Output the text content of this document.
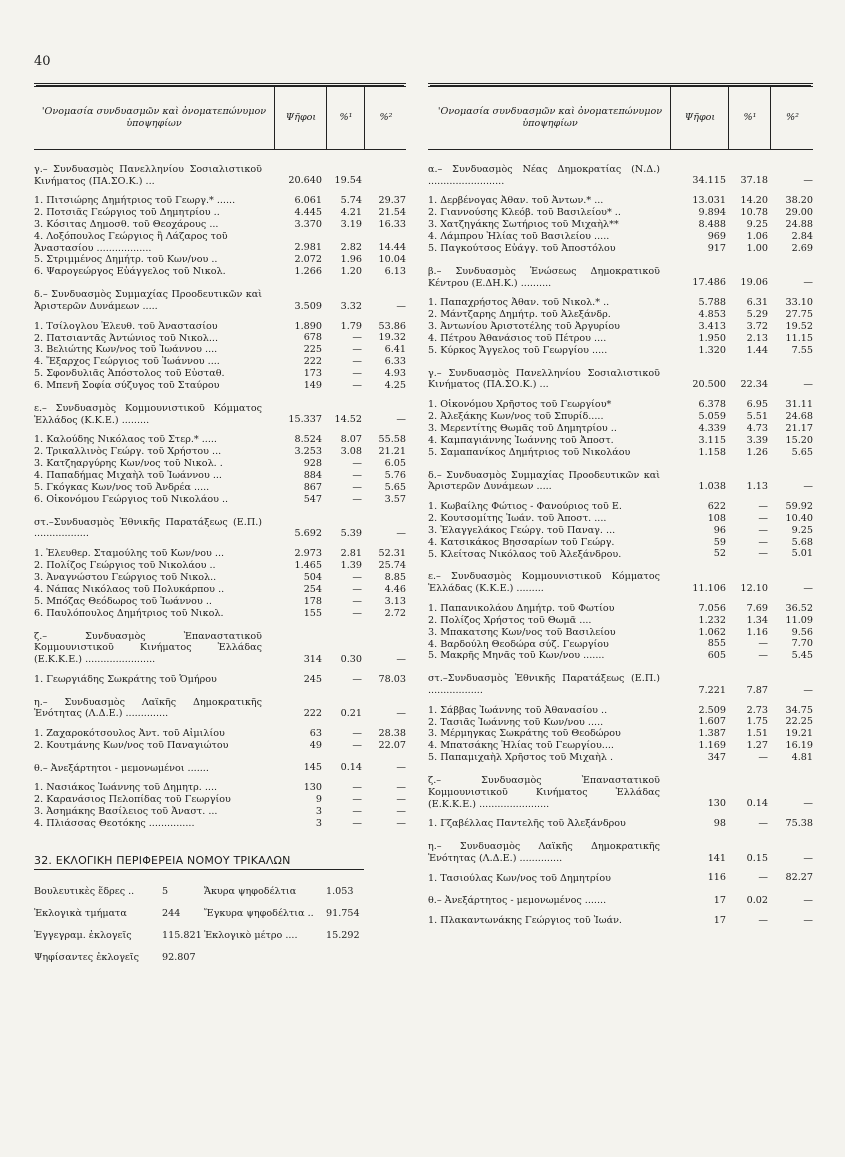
40
'Ονομασία συνδυασμῶν καὶ ὀνοματεπώνυμον ὑποψηφίων
Ψῆφοι	%¹	%²
γ.– Συνδυασμὸς Πανελληνίου Σοσιαλιστικοῦ Κινήματος (ΠΑ.ΣΟ.Κ.) ...	20.640	19.54
1. Πιτσιώρης Δημήτριος τοῦ Γεωργ.* ......	6.061	5.74	29.37
2. Ποτσιᾶς Γεώργιος τοῦ Δημητρίου ..	4.445	4.21	21.54
3. Κόσιτας Δημοσθ. τοῦ Θεοχάρους ...	3.370	3.19	16.33
4. Λοξόπουλος Γεώργιος ἢ Λάζαρος τοῦ Ἀναστασίου ..................	2.981	2.82	14.44
5. Στριμμένος Δημήτρ. τοῦ Κων/νου ..	2.072	1.96	10.04
6. Ψαρογεώργος Εὐάγγελος τοῦ Νικολ.	1.266	1.20	6.13
δ.– Συνδυασμὸς Συμμαχίας Προοδευτικῶν καὶ Ἀριστερῶν Δυνάμεων .....	3.509	3.32	—
1. Τσίλογλου Ἐλευθ. τοῦ Ἀναστασίου	1.890	1.79	53.86
2. Πατσιαντᾶς Ἀντώνιος τοῦ Νικολ...	678	—	19.32
3. Βελιώτης Κων/νος τοῦ Ἰωάννου ....	225	—	6.41
4. Ἔξαρχος Γεώργιος τοῦ Ἰωάννου ....	222	—	6.33
5. Σφονδυλιᾶς Ἀπόστολος τοῦ Εὐσταθ.	173	—	4.93
6. Μπενῆ Σοφία σύζυγος τοῦ Σταύρου	149	—	4.25
ε.– Συνδυασμὸς Κομμουνιστικοῦ Κόμματος Ἑλλάδος (Κ.Κ.Ε.) .........	15.337	14.52	—
1. Καλούδης Νικόλαος τοῦ Στερ.* .....	8.524	8.07	55.58
2. Τρικαλλινὸς Γεώργ. τοῦ Χρήστου ...	3.253	3.08	21.21
3. Κατζηαργύρης Κων/νος τοῦ Νικολ. .	928	—	6.05
4. Παπαδήμας Μιχαὴλ τοῦ Ἰωάννου ...	884	—	5.76
5. Γκόγκας Κων/νος τοῦ Ἀνδρέα .....	867	—	5.65
6. Οἰκονόμου Γεώργιος τοῦ Νικολάου ..	547	—	3.57
στ.–Συνδυασμὸς Ἐθνικῆς Παρατάξεως (Ε.Π.) ..................	5.692	5.39	—
1. Ἐλευθερ. Σταμούλης τοῦ Κων/νου ...	2.973	2.81	52.31
2. Πολίζος Γεώργιος τοῦ Νικολάου ..	1.465	1.39	25.74
3. Ἀναγνώστου Γεώργιος τοῦ Νικολ..	504	—	8.85
4. Νάπας Νικόλαος τοῦ Πολυκάρπου ..	254	—	4.46
5. Μπόζας Θεόδωρος τοῦ Ἰωάννου ..	178	—	3.13
6. Παυλόπουλος Δημήτριος τοῦ Νικολ.	155	—	2.72
ζ.– Συνδυασμὸς Ἐπαναστατικοῦ Κομμουνιστικοῦ Κινήματος Ἑλλάδας (Ε.Κ.Κ.Ε.) .......................	314	0.30	—
1. Γεωργιάδης Σωκράτης τοῦ Ὁμήρου	245	—	78.03
η.– Συνδυασμὸς Λαϊκῆς Δημοκρατικῆς Ἑνότητας (Λ.Δ.Ε.) ..............	222	0.21	—
1. Ζαχαροκότσουλος Ἀντ. τοῦ Αἰμιλίου	63	—	28.38
2. Κουτμάνης Κων/νος τοῦ Παναγιώτου	49	—	22.07
θ.– Ἀνεξάρτητοι - μεμονωμένοι .......	145	0.14	—
1. Νασιάκος Ἰωάννης τοῦ Δημητρ. ....	130	—	—
2. Καρανάσιος Πελοπίδας τοῦ Γεωργίου	9	—	—
3. Ἀσημάκης Βασίλειος τοῦ Ἀναστ. ...	3	—	—
4. Πλιάσσας Θεοτόκης ...............	3	—	—
32. ΕΚΛΟΓΙΚΗ ΠΕΡΙΦΕΡΕΙΑ ΝΟΜΟΥ ΤΡΙΚΑΛΩΝ
Βουλευτικὲς ἕδρες ..	5	Ἄκυρα ψηφοδέλτια	1.053
Ἐκλογικὰ τμήματα	244 Ἔγκυρα ψηφοδέλτια .. 91.754
Ἐγγεγραμ. ἐκλογεῖς	115.821 Ἐκλογικὸ μέτρο ....	15.292
Ψηφίσαντες ἐκλογεῖς 92.807
'Ονομασία συνδυασμῶν καὶ ὀνοματεπώνυμον ὑποψηφίων
Ψῆφοι	%¹	%²
α.– Συνδυασμὸς Νέας Δημοκρατίας (Ν.Δ.) .........................	34.115	37.18	—
1. Δερβένογας Ἀθαν. τοῦ Ἀντων.* ...	13.031	14.20	38.20
2. Γιαννούσης Κλεόβ. τοῦ Βασιλείου* ..	9.894	10.78	29.00
3. Χατζηγάκης Σωτήριος τοῦ Μιχαὴλ**	8.488	9.25	24.88
4. Λάμπρου Ἠλίας τοῦ Βασιλείου .....	969	1.06	2.84
5. Παγκούτσος Εὐάγγ. τοῦ Ἀποστόλου	917	1.00	2.69
β.– Συνδυασμὸς Ἑνώσεως Δημοκρατικοῦ Κέντρου (Ε.ΔΗ.Κ.) ..........	17.486	19.06	—
1. Παπαχρήστος Ἀθαν. τοῦ Νικολ.* ..	5.788	6.31	33.10
2. Μάντζαρης Δημήτρ. τοῦ Ἀλεξάνδρ.	4.853	5.29	27.75
3. Ἀντωνίου Ἀριστοτέλης τοῦ Ἀργυρίου	3.413	3.72	19.52
4. Πέτρου Ἀθανάσιος τοῦ Πέτρου ....	1.950	2.13	11.15
5. Κύρκος Ἄγγελος τοῦ Γεωργίου .....	1.320	1.44	7.55
γ.– Συνδυασμὸς Πανελληνίου Σοσιαλιστικοῦ Κινήματος (ΠΑ.ΣΟ.Κ.) ...	20.500	22.34	—
1. Οἰκονόμου Χρῆστος τοῦ Γεωργίου*	6.378	6.95	31.11
2. Ἀλεξάκης Κων/νος τοῦ Σπυρίδ.....	5.059	5.51	24.68
3. Μερεντίτης Θωμᾶς τοῦ Δημητρίου ..	4.339	4.73	21.17
4. Καμπαγιάννης Ἰωάννης τοῦ Ἀποστ.	3.115	3.39	15.20
5. Σαμαπανίκος Δημήτριος τοῦ Νικολάου	1.158	1.26	5.65
δ.– Συνδυασμὸς Συμμαχίας Προοδευτικῶν καὶ Ἀριστερῶν Δυνάμεων .....	1.038	1.13	—
1. Κωβαίλης Φώτιος - Φανούριος τοῦ Ε.	622	—	59.92
2. Κουτσομίτης Ἰωάν. τοῦ Ἀποστ. ....	108	—	10.40
3. Ἐλαγγελάκος Γεώργ. τοῦ Παναγ. ...	96	—	9.25
4. Κατσικάκος Βησσαρίων τοῦ Γεώργ.	59	—	5.68
5. Κλείτσας Νικόλαος τοῦ Ἀλεξάνδρου.	52	—	5.01
ε.– Συνδυασμὸς Κομμουνιστικοῦ Κόμματος Ἑλλάδας (Κ.Κ.Ε.) .........	11.106	12.10	—
1. Παπανικολάου Δημήτρ. τοῦ Φωτίου	7.056	7.69	36.52
2. Πολίζος Χρήστος τοῦ Θωμᾶ ....	1.232	1.34	11.09
3. Μπακατσης Κων/νος τοῦ Βασιλείου	1.062	1.16	9.56
4. Βαρδούλη Θεοδώρα σύζ. Γεωργίου	855	—	7.70
5. Μακρῆς Μηνᾶς τοῦ Κων/νου .......	605	—	5.45
στ.–Συνδυασμὸς Ἐθνικῆς Παρατάξεως (Ε.Π.) ..................	7.221	7.87	—
1. Σάββας Ἰωάννης τοῦ Ἀθανασίου ..	2.509	2.73	34.75
2. Τασιᾶς Ἰωάννης τοῦ Κων/νου .....	1.607	1.75	22.25
3. Μέρμηγκας Σωκράτης τοῦ Θεοδώρου	1.387	1.51	19.21
4. Μπατσάκης Ἠλίας τοῦ Γεωργίου....	1.169	1.27	16.19
5. Παπαμιχαὴλ Χρῆστος τοῦ Μιχαὴλ .	347	—	4.81
ζ.– Συνδυασμὸς Ἐπαναστατικοῦ Κομμουνιστικοῦ Κινήματος Ἑλλάδας (Ε.Κ.Κ.Ε.) .......................	130	0.14	—
1. Γζαβέλλας Παντελῆς τοῦ Ἀλεξάνδρου	98	—	75.38
η.– Συνδυασμὸς Λαϊκῆς Δημοκρατικῆς Ἑνότητας (Λ.Δ.Ε.) ..............	141	0.15	—
1. Τασιούλας Κων/νος τοῦ Δημητρίου	116	—	82.27
θ.– Ἀνεξάρτητος - μεμονωμένος .......	17	0.02	—
1. Πλακαντωνάκης Γεώργιος τοῦ Ἰωάν.	17	—	—
